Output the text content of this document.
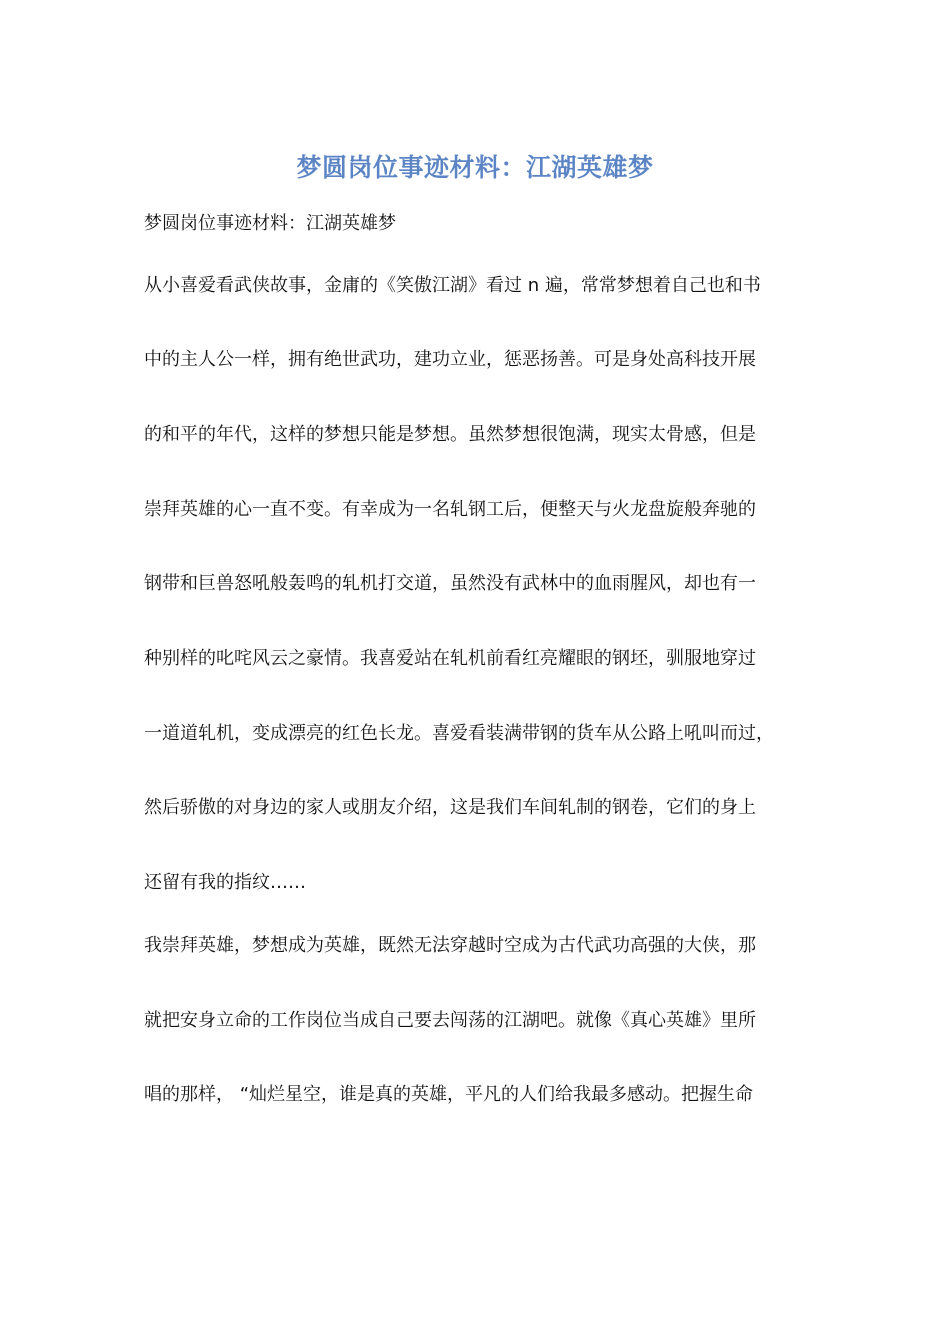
梦圆岗位事迹材料：江湖英雄梦
梦圆岗位事迹材料：江湖英雄梦
从小喜爱看武侠故事，金庸的《笑傲江湖》看过 n 遍，常常梦想着自己也和书
中的主人公一样，拥有绝世武功，建功立业，惩恶扬善。可是身处高科技开展
的和平的年代，这样的梦想只能是梦想。虽然梦想很饱满，现实太骨感，但是
崇拜英雄的心一直不变。有幸成为一名轧钢工后，便整天与火龙盘旋般奔驰的
钢带和巨兽怒吼般轰鸣的轧机打交道，虽然没有武林中的血雨腥风，却也有一
种别样的叱咤风云之豪情。我喜爱站在轧机前看红亮耀眼的钢坯，驯服地穿过
一道道轧机，变成漂亮的红色长龙。喜爱看装满带钢的货车从公路上吼叫而过，
然后骄傲的对身边的家人或朋友介绍，这是我们车间轧制的钢卷，它们的身上
还留有我的指纹……
我崇拜英雄，梦想成为英雄，既然无法穿越时空成为古代武功高强的大侠，那
就把安身立命的工作岗位当成自己要去闯荡的江湖吧。就像《真心英雄》里所
唱的那样， “灿烂星空，谁是真的英雄，平凡的人们给我最多感动。把握生命
